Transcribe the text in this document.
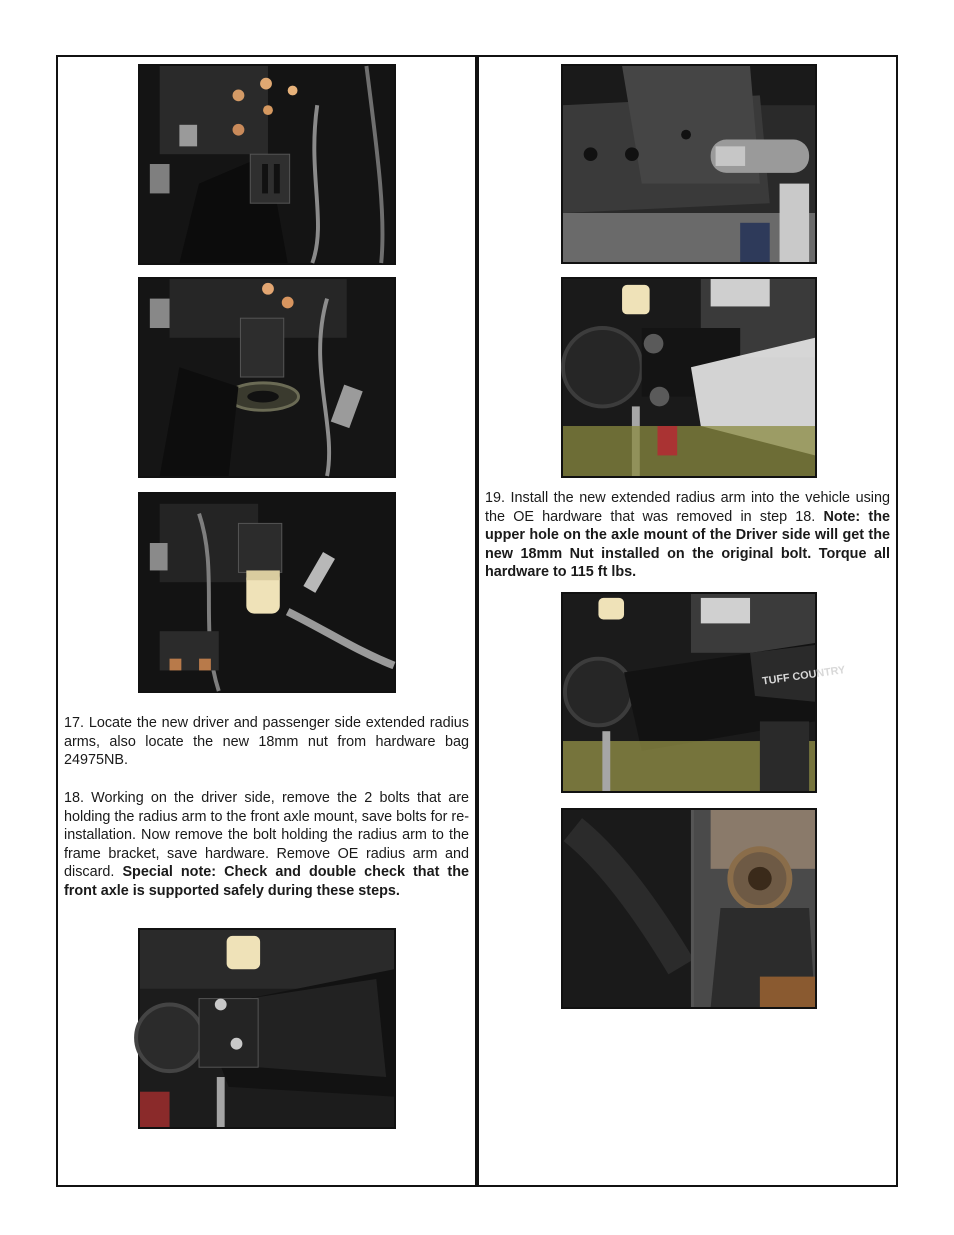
17. Locate the new driver and passenger side extended radius arms, also locate the new 18mm nut from hardware bag 24975NB.

18. Working on the driver side, remove the 2 bolts that are holding the radius arm to the front axle mount, save bolts for re-installation. Now remove the bolt holding the radius arm to the frame bracket, save hardware. Remove OE radius arm and discard. Special note: Check and double check that the front axle is supported safely during these steps.

19. Install the new extended radius arm into the vehicle using the OE hardware that was removed in step 18. Note: the upper hole on the axle mount of the Driver side will get the new 18mm Nut installed on the original bolt. Torque all hardware to 115 ft lbs.

TUFF COUNTRY
